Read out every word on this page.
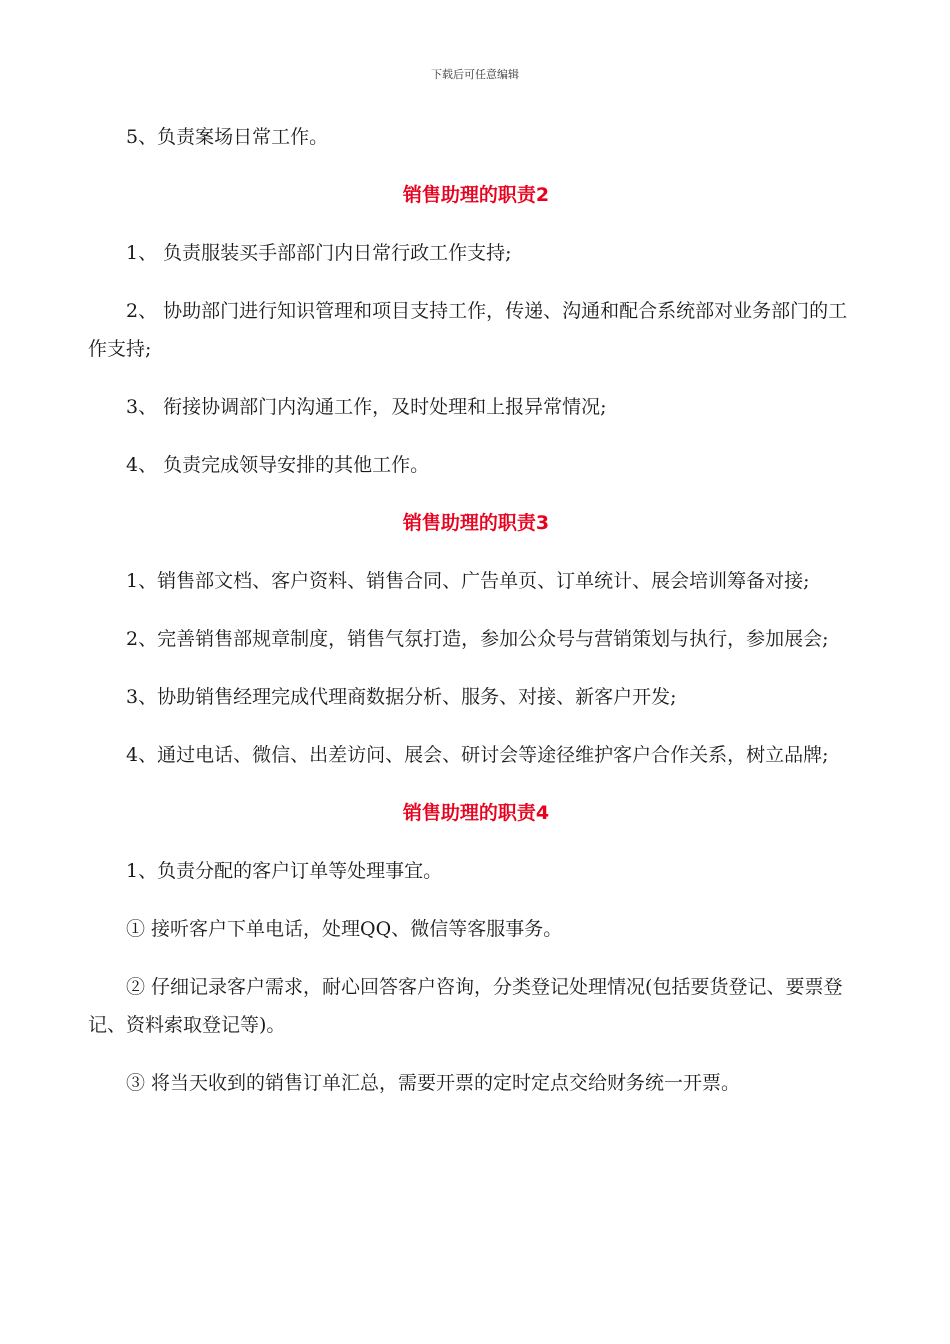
下载后可任意编辑

5、负责案场日常工作。

销售助理的职责2

1、 负责服装买手部部门内日常行政工作支持;

2、 协助部门进行知识管理和项目支持工作，传递、沟通和配合系统部对业务部门的工作支持;

3、 衔接协调部门内沟通工作，及时处理和上报异常情况;

4、 负责完成领导安排的其他工作。

销售助理的职责3

1、销售部文档、客户资料、销售合同、广告单页、订单统计、展会培训筹备对接;

2、完善销售部规章制度，销售气氛打造，参加公众号与营销策划与执行，参加展会;

3、协助销售经理完成代理商数据分析、服务、对接、新客户开发;

4、通过电话、微信、出差访问、展会、研讨会等途径维护客户合作关系，树立品牌;

销售助理的职责4

1、负责分配的客户订单等处理事宜。

① 接听客户下单电话，处理QQ、微信等客服事务。

② 仔细记录客户需求，耐心回答客户咨询，分类登记处理情况(包括要货登记、要票登记、资料索取登记等)。

③ 将当天收到的销售订单汇总，需要开票的定时定点交给财务统一开票。
